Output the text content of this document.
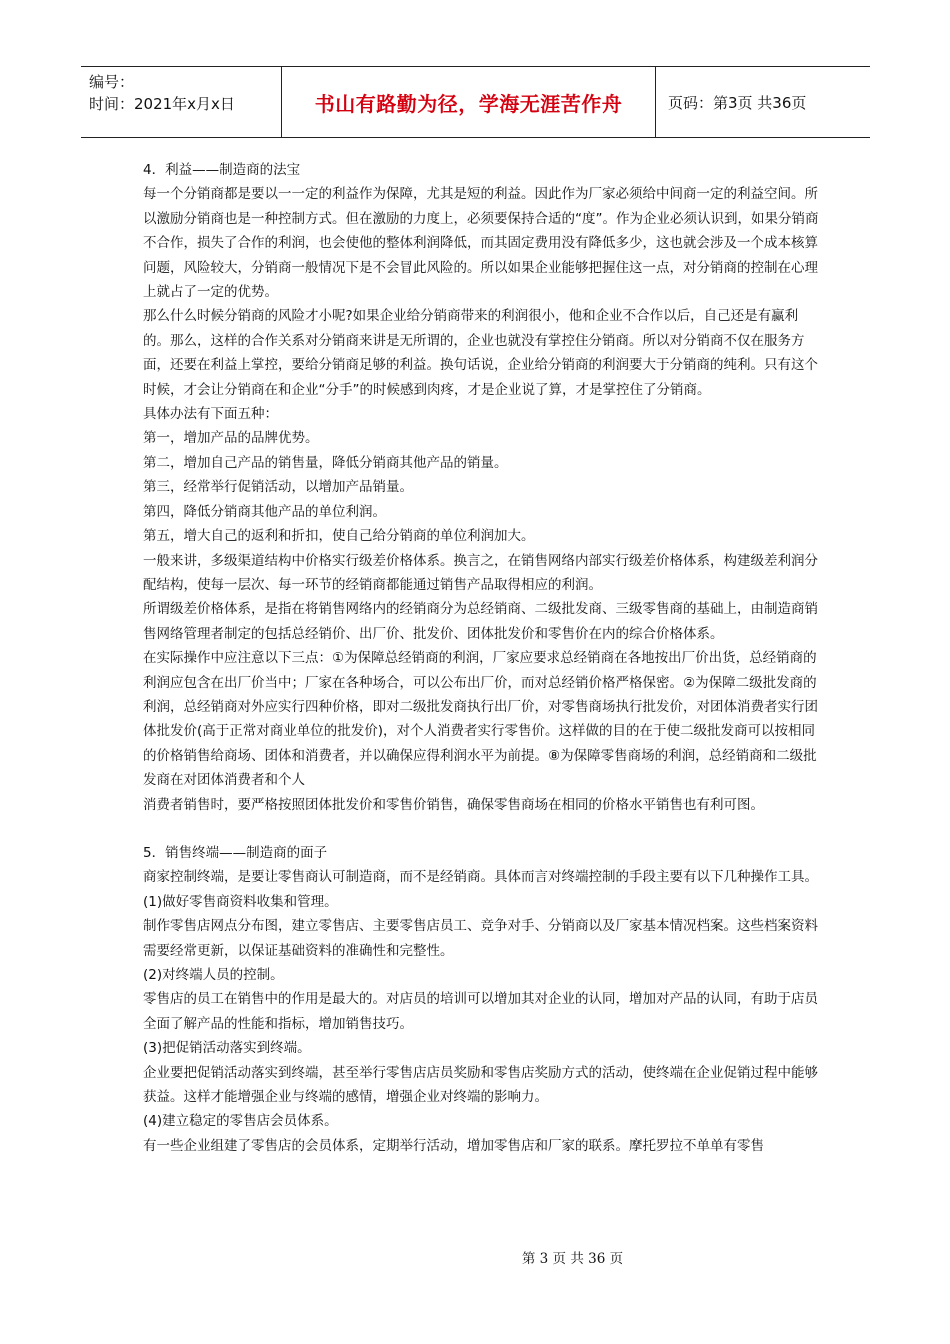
编号：
时间：2021年x月x日	书山有路勤为径，学海无涯苦作舟	页码：第3页 共36页

4．利益——制造商的法宝

每一个分销商都是要以一一定的利益作为保障，尤其是短的利益。因此作为厂家必须给中间商一定的利益空间。所以激励分销商也是一种控制方式。但在激励的力度上，必须要保持合适的“度”。作为企业必须认识到，如果分销商不合作，损失了合作的利润，也会使他的整体利润降低，而其固定费用没有降低多少，这也就会涉及一个成本核算问题，风险较大，分销商一般情况下是不会冒此风险的。所以如果企业能够把握住这一点，对分销商的控制在心理上就占了一定的优势。

那么什么时候分销商的风险才小呢?如果企业给分销商带来的利润很小，他和企业不合作以后，自己还是有赢利的。那么，这样的合作关系对分销商来讲是无所谓的，企业也就没有掌控住分销商。所以对分销商不仅在服务方面，还要在利益上掌控，要给分销商足够的利益。换句话说，企业给分销商的利润要大于分销商的纯利。只有这个时候，才会让分销商在和企业“分手”的时候感到肉疼，才是企业说了算，才是掌控住了分销商。

具体办法有下面五种：

第一，增加产品的品牌优势。

第二，增加自己产品的销售量，降低分销商其他产品的销量。

第三，经常举行促销活动，以增加产品销量。

第四，降低分销商其他产品的单位利润。

第五，增大自己的返利和折扣，使自己给分销商的单位利润加大。

一般来讲，多级渠道结构中价格实行级差价格体系。换言之，在销售网络内部实行级差价格体系，构建级差利润分配结构，使每一层次、每一环节的经销商都能通过销售产品取得相应的利润。

所谓级差价格体系，是指在将销售网络内的经销商分为总经销商、二级批发商、三级零售商的基础上，由制造商销售网络管理者制定的包括总经销价、出厂价、批发价、团体批发价和零售价在内的综合价格体系。

在实际操作中应注意以下三点：①为保障总经销商的利润，厂家应要求总经销商在各地按出厂价出货，总经销商的利润应包含在出厂价当中；厂家在各种场合，可以公布出厂价，而对总经销价格严格保密。②为保障二级批发商的利润，总经销商对外应实行四种价格，即对二级批发商执行出厂价，对零售商场执行批发价，对团体消费者实行团体批发价(高于正常对商业单位的批发价)，对个人消费者实行零售价。这样做的目的在于使二级批发商可以按相同的价格销售给商场、团体和消费者，并以确保应得利润水平为前提。⑧为保障零售商场的利润，总经销商和二级批发商在对团体消费者和个人

消费者销售时，要严格按照团体批发价和零售价销售，确保零售商场在相同的价格水平销售也有利可图。

5．销售终端——制造商的面子

商家控制终端，是要让零售商认可制造商，而不是经销商。具体而言对终端控制的手段主要有以下几种操作工具。

(1)做好零售商资料收集和管理。

制作零售店网点分布图，建立零售店、主要零售店员工、竞争对手、分销商以及厂家基本情况档案。这些档案资料需要经常更新，以保证基础资料的准确性和完整性。

(2)对终端人员的控制。

零售店的员工在销售中的作用是最大的。对店员的培训可以增加其对企业的认同，增加对产品的认同，有助于店员全面了解产品的性能和指标，增加销售技巧。

(3)把促销活动落实到终端。

企业要把促销活动落实到终端，甚至举行零售店店员奖励和零售店奖励方式的活动，使终端在企业促销过程中能够获益。这样才能增强企业与终端的感情，增强企业对终端的影响力。

(4)建立稳定的零售店会员体系。

有一些企业组建了零售店的会员体系，定期举行活动，增加零售店和厂家的联系。摩托罗拉不单单有零售

第 3 页 共 36 页
